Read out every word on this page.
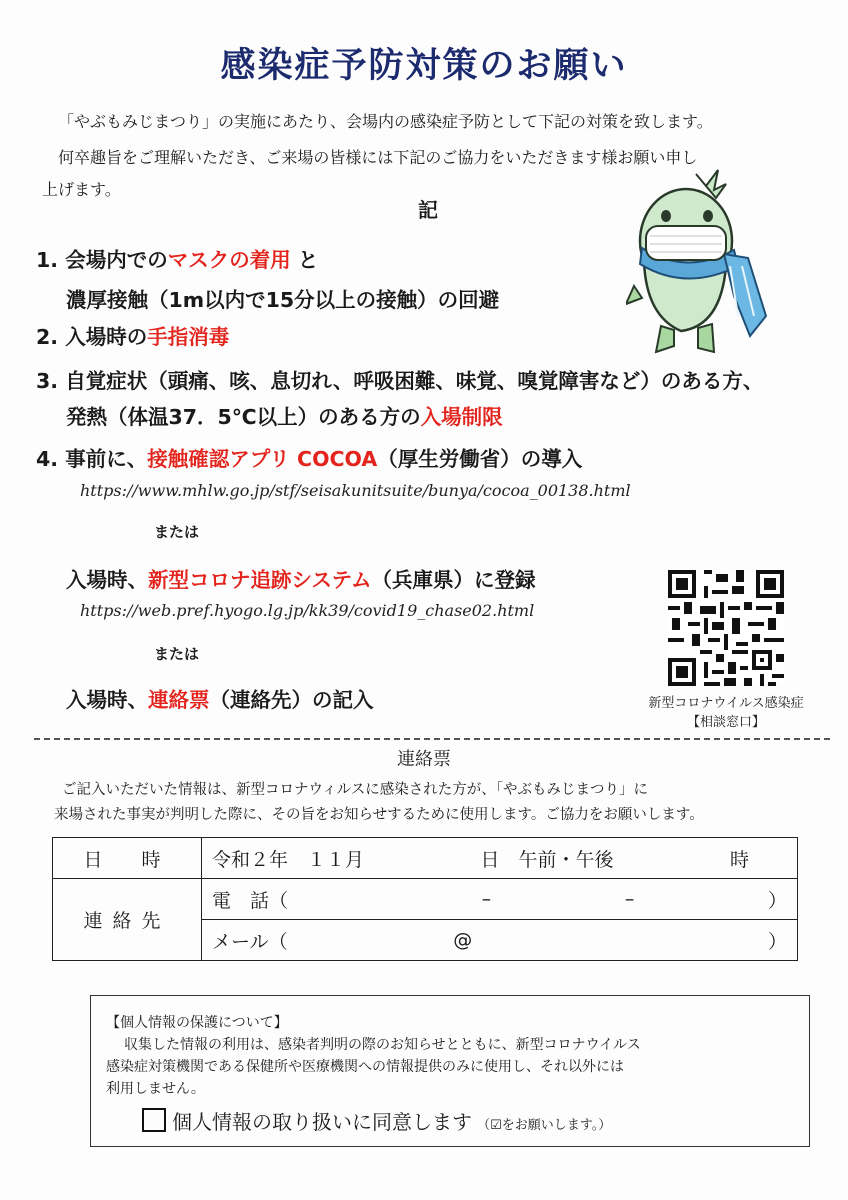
感染症予防対策のお願い
「やぶもみじまつり」の実施にあたり、会場内の感染症予防として下記の対策を致します。
何卒趣旨をご理解いただき、ご来場の皆様には下記のご協力をいただきます様お願い申し
上げます。
記
1. 会場内でのマスクの着用 と
濃厚接触（1m以内で15分以上の接触）の回避
2. 入場時の手指消毒
3. 自覚症状（頭痛、咳、息切れ、呼吸困難、味覚、嗅覚障害など）のある方、
発熱（体温37．5℃以上）のある方の入場制限
4. 事前に、接触確認アプリ COCOA（厚生労働省）の導入
https://www.mhlw.go.jp/stf/seisakunitsuite/bunya/cocoa_00138.html
または
入場時、新型コロナ追跡システム（兵庫県）に登録
https://web.pref.hyogo.lg.jp/kk39/covid19_chase02.html
または
入場時、連絡票（連絡先）の記入	新型コロナウイルス感染症
【相談窓口】
連絡票
ご記入いただいた情報は、新型コロナウィルスに感染された方が、「やぶもみじまつり」に
来場された事実が判明した際に、その旨をお知らせするために使用します。ご協力をお願いします。
日　時	令和２年　１１月 日　午前・午後 時

連絡先	電　話（ – – ）

	メール（ @ ）
【個人情報の保護について】
収集した情報の利用は、感染者判明の際のお知らせとともに、新型コロナウイルス
感染症対策機関である保健所や医療機関への情報提供のみに使用し、それ以外には
利用しません。
個人情報の取り扱いに同意します （☑をお願いします。）
